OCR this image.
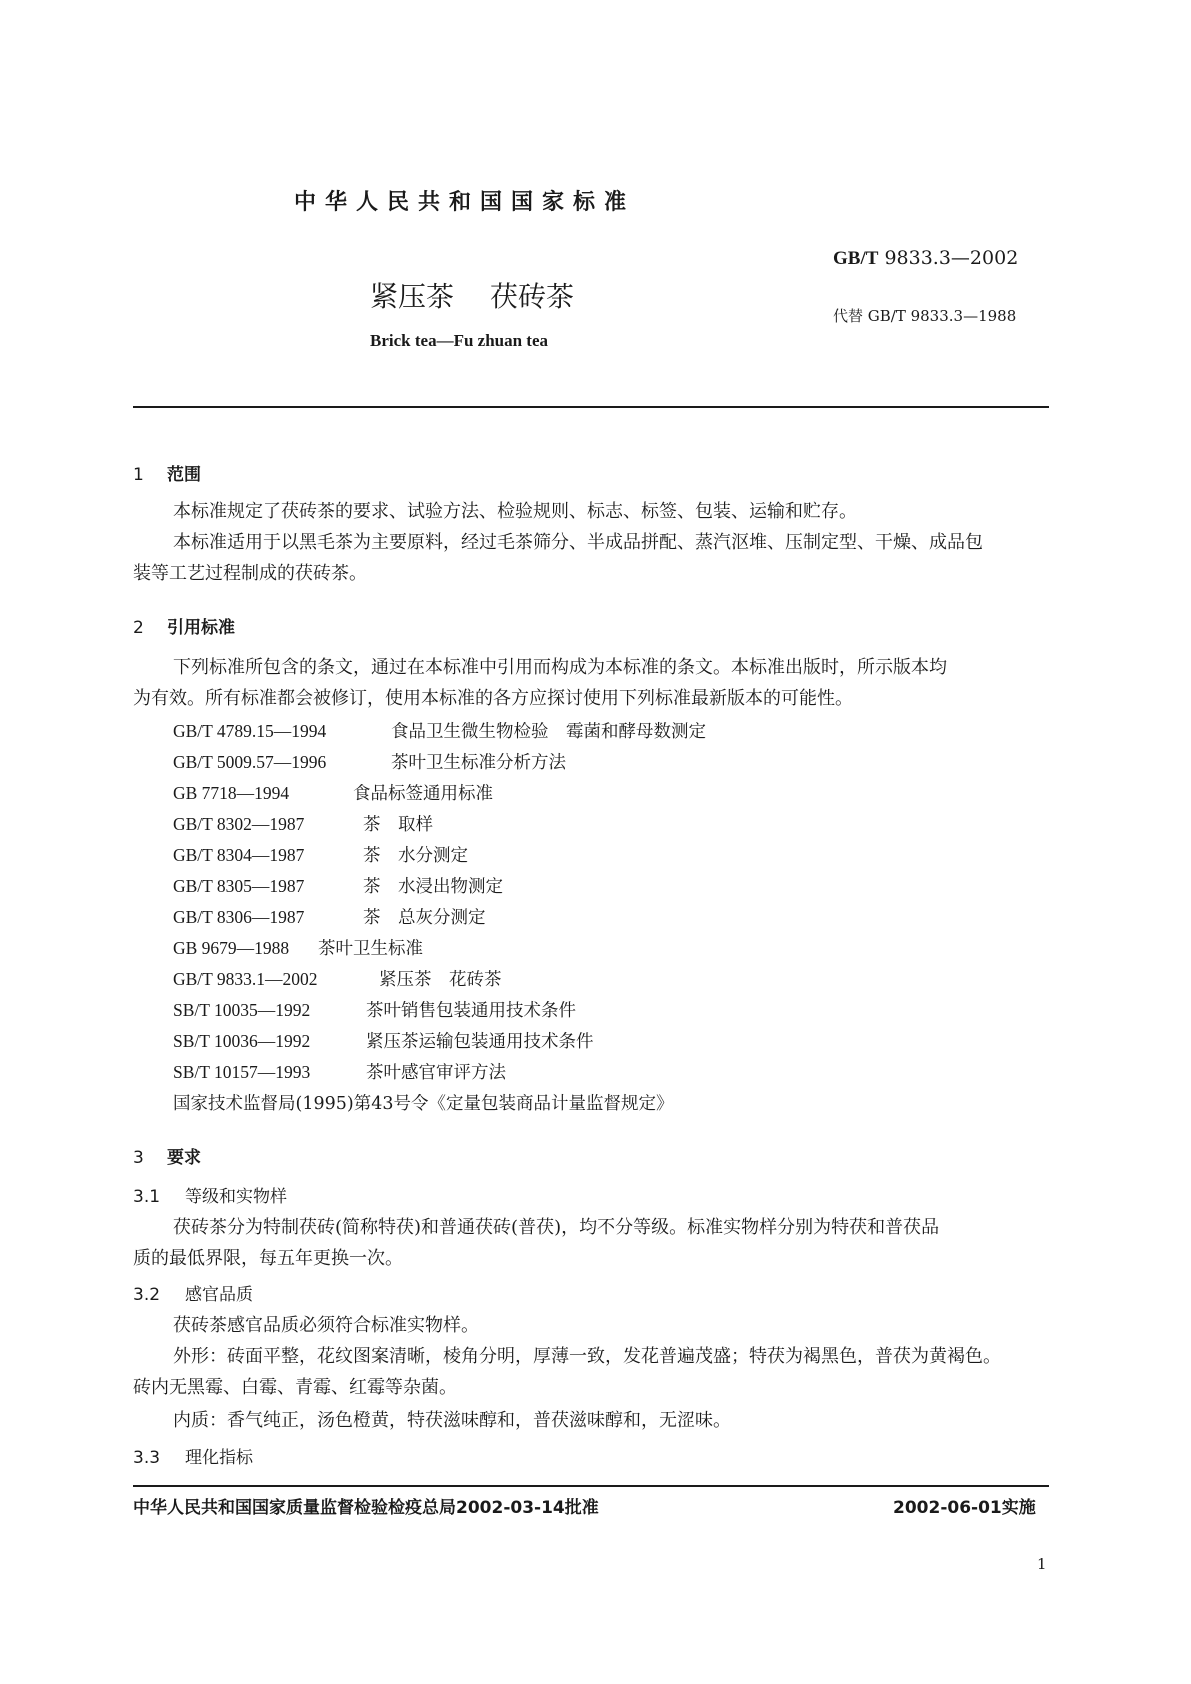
中华人民共和国国家标准
GB/T 9833.3—2002
紧压茶 茯砖茶
代替 GB/T 9833.3—1988
Brick tea—Fu zhuan tea
1 范围
本标准规定了茯砖茶的要求、试验方法、检验规则、标志、标签、包装、运输和贮存。
本标准适用于以黑毛茶为主要原料，经过毛茶筛分、半成品拼配、蒸汽沤堆、压制定型、干燥、成品包
装等工艺过程制成的茯砖茶。
2 引用标准
下列标准所包含的条文，通过在本标准中引用而构成为本标准的条文。本标准出版时，所示版本均
为有效。所有标准都会被修订，使用本标准的各方应探讨使用下列标准最新版本的可能性。
GB/T 4789.15—1994	食品卫生微生物检验　霉菌和酵母数测定
GB/T 5009.57—1996	茶叶卫生标准分析方法
GB 7718—1994	食品标签通用标准
GB/T 8302—1987	茶　取样
GB/T 8304—1987	茶　水分测定
GB/T 8305—1987	茶　水浸出物测定
GB/T 8306—1987	茶　总灰分测定
GB 9679—1988 茶叶卫生标准
GB/T 9833.1—2002	紧压茶　花砖茶
SB/T 10035—1992	茶叶销售包装通用技术条件
SB/T 10036—1992	紧压茶运输包装通用技术条件
SB/T 10157—1993	茶叶感官审评方法
国家技术监督局(1995)第43号令《定量包装商品计量监督规定》
3 要求
3.1 等级和实物样
茯砖茶分为特制茯砖(简称特茯)和普通茯砖(普茯)，均不分等级。标准实物样分别为特茯和普茯品
质的最低界限，每五年更换一次。
3.2 感官品质
茯砖茶感官品质必须符合标准实物样。
外形：砖面平整，花纹图案清晰，棱角分明，厚薄一致，发花普遍茂盛；特茯为褐黑色，普茯为黄褐色。
砖内无黑霉、白霉、青霉、红霉等杂菌。
内质：香气纯正，汤色橙黄，特茯滋味醇和，普茯滋味醇和，无涩味。
3.3 理化指标
中华人民共和国国家质量监督检验检疫总局2002-03-14批准	2002-06-01实施
1
